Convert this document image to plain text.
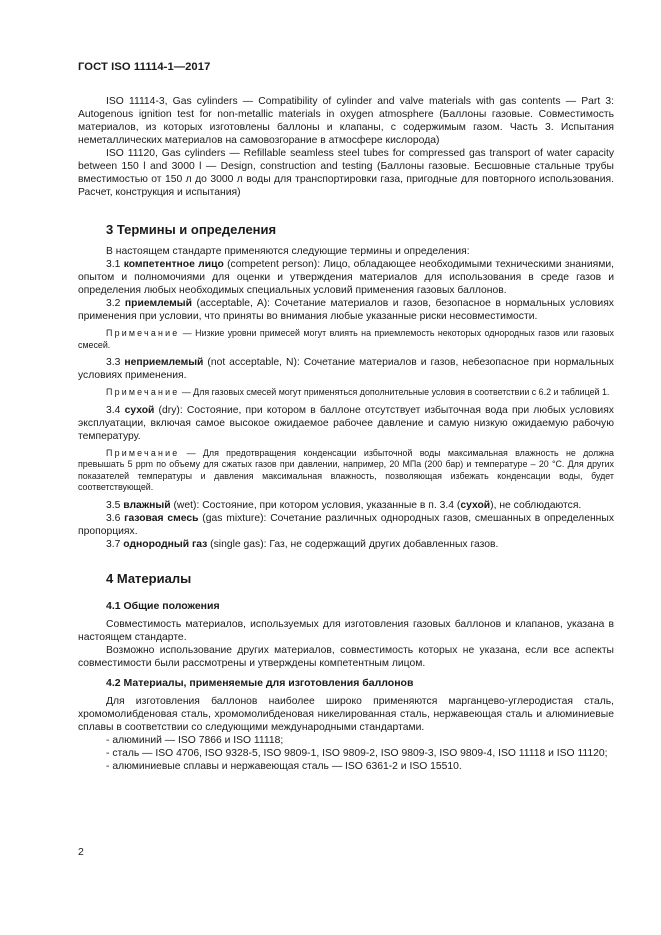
ГОСТ ISO 11114-1—2017

ISO 11114-3, Gas cylinders — Compatibility of cylinder and valve materials with gas contents — Part 3: Autogenous ignition test for non-metallic materials in oxygen atmosphere (Баллоны газовые. Совместимость материалов, из которых изготовлены баллоны и клапаны, с содержимым газом. Часть 3. Испытания неметаллических материалов на самовозгорание в атмосфере кислорода)

ISO 11120, Gas cylinders — Refillable seamless steel tubes for compressed gas transport of water capacity between 150 l and 3000 l — Design, construction and testing (Баллоны газовые. Бесшовные стальные трубы вместимостью от 150 л до 3000 л воды для транспортировки газа, пригодные для повторного использования. Расчет, конструкция и испытания)

3 Термины и определения

В настоящем стандарте применяются следующие термины и определения:

3.1 компетентное лицо (competent person): Лицо, обладающее необходимыми техническими знаниями, опытом и полномочиями для оценки и утверждения материалов для использования в среде газов и определения любых необходимых специальных условий применения газовых баллонов.

3.2 приемлемый (acceptable, A): Сочетание материалов и газов, безопасное в нормальных условиях применения при условии, что приняты во внимания любые указанные риски несовместимости.

Примечание — Низкие уровни примесей могут влиять на приемлемость некоторых однородных газов или газовых смесей.

3.3 неприемлемый (not acceptable, N): Сочетание материалов и газов, небезопасное при нормальных условиях применения.

Примечание — Для газовых смесей могут применяться дополнительные условия в соответствии с 6.2 и таблицей 1.

3.4 сухой (dry): Состояние, при котором в баллоне отсутствует избыточная вода при любых условиях эксплуатации, включая самое высокое ожидаемое рабочее давление и самую низкую ожидаемую рабочую температуру.

Примечание — Для предотвращения конденсации избыточной воды максимальная влажность не должна превышать 5 ppm по объему для сжатых газов при давлении, например, 20 МПа (200 бар) и температуре – 20 °С. Для других показателей температуры и давления максимальная влажность, позволяющая избежать конденсации воды, будет соответствующей.

3.5 влажный (wet): Состояние, при котором условия, указанные в п. 3.4 (сухой), не соблюдаются.

3.6 газовая смесь (gas mixture): Сочетание различных однородных газов, смешанных в определенных пропорциях.

3.7 однородный газ (single gas): Газ, не содержащий других добавленных газов.

4 Материалы
4.1 Общие положения

Совместимость материалов, используемых для изготовления газовых баллонов и клапанов, указана в настоящем стандарте.

Возможно использование других материалов, совместимость которых не указана, если все аспекты совместимости были рассмотрены и утверждены компетентным лицом.

4.2 Материалы, применяемые для изготовления баллонов

Для изготовления баллонов наиболее широко применяются марганцево-углеродистая сталь, хромомолибденовая сталь, хромомолибденовая никелированная сталь, нержавеющая сталь и алюминиевые сплавы в соответствии со следующими международными стандартами.

- алюминий — ISO 7866 и ISO 11118;

- сталь — ISO 4706, ISO 9328-5, ISO 9809-1, ISO 9809-2, ISO 9809-3, ISO 9809-4, ISO 11118 и ISO 11120;

- алюминиевые сплавы и нержавеющая сталь — ISO 6361-2 и ISO 15510.

2
